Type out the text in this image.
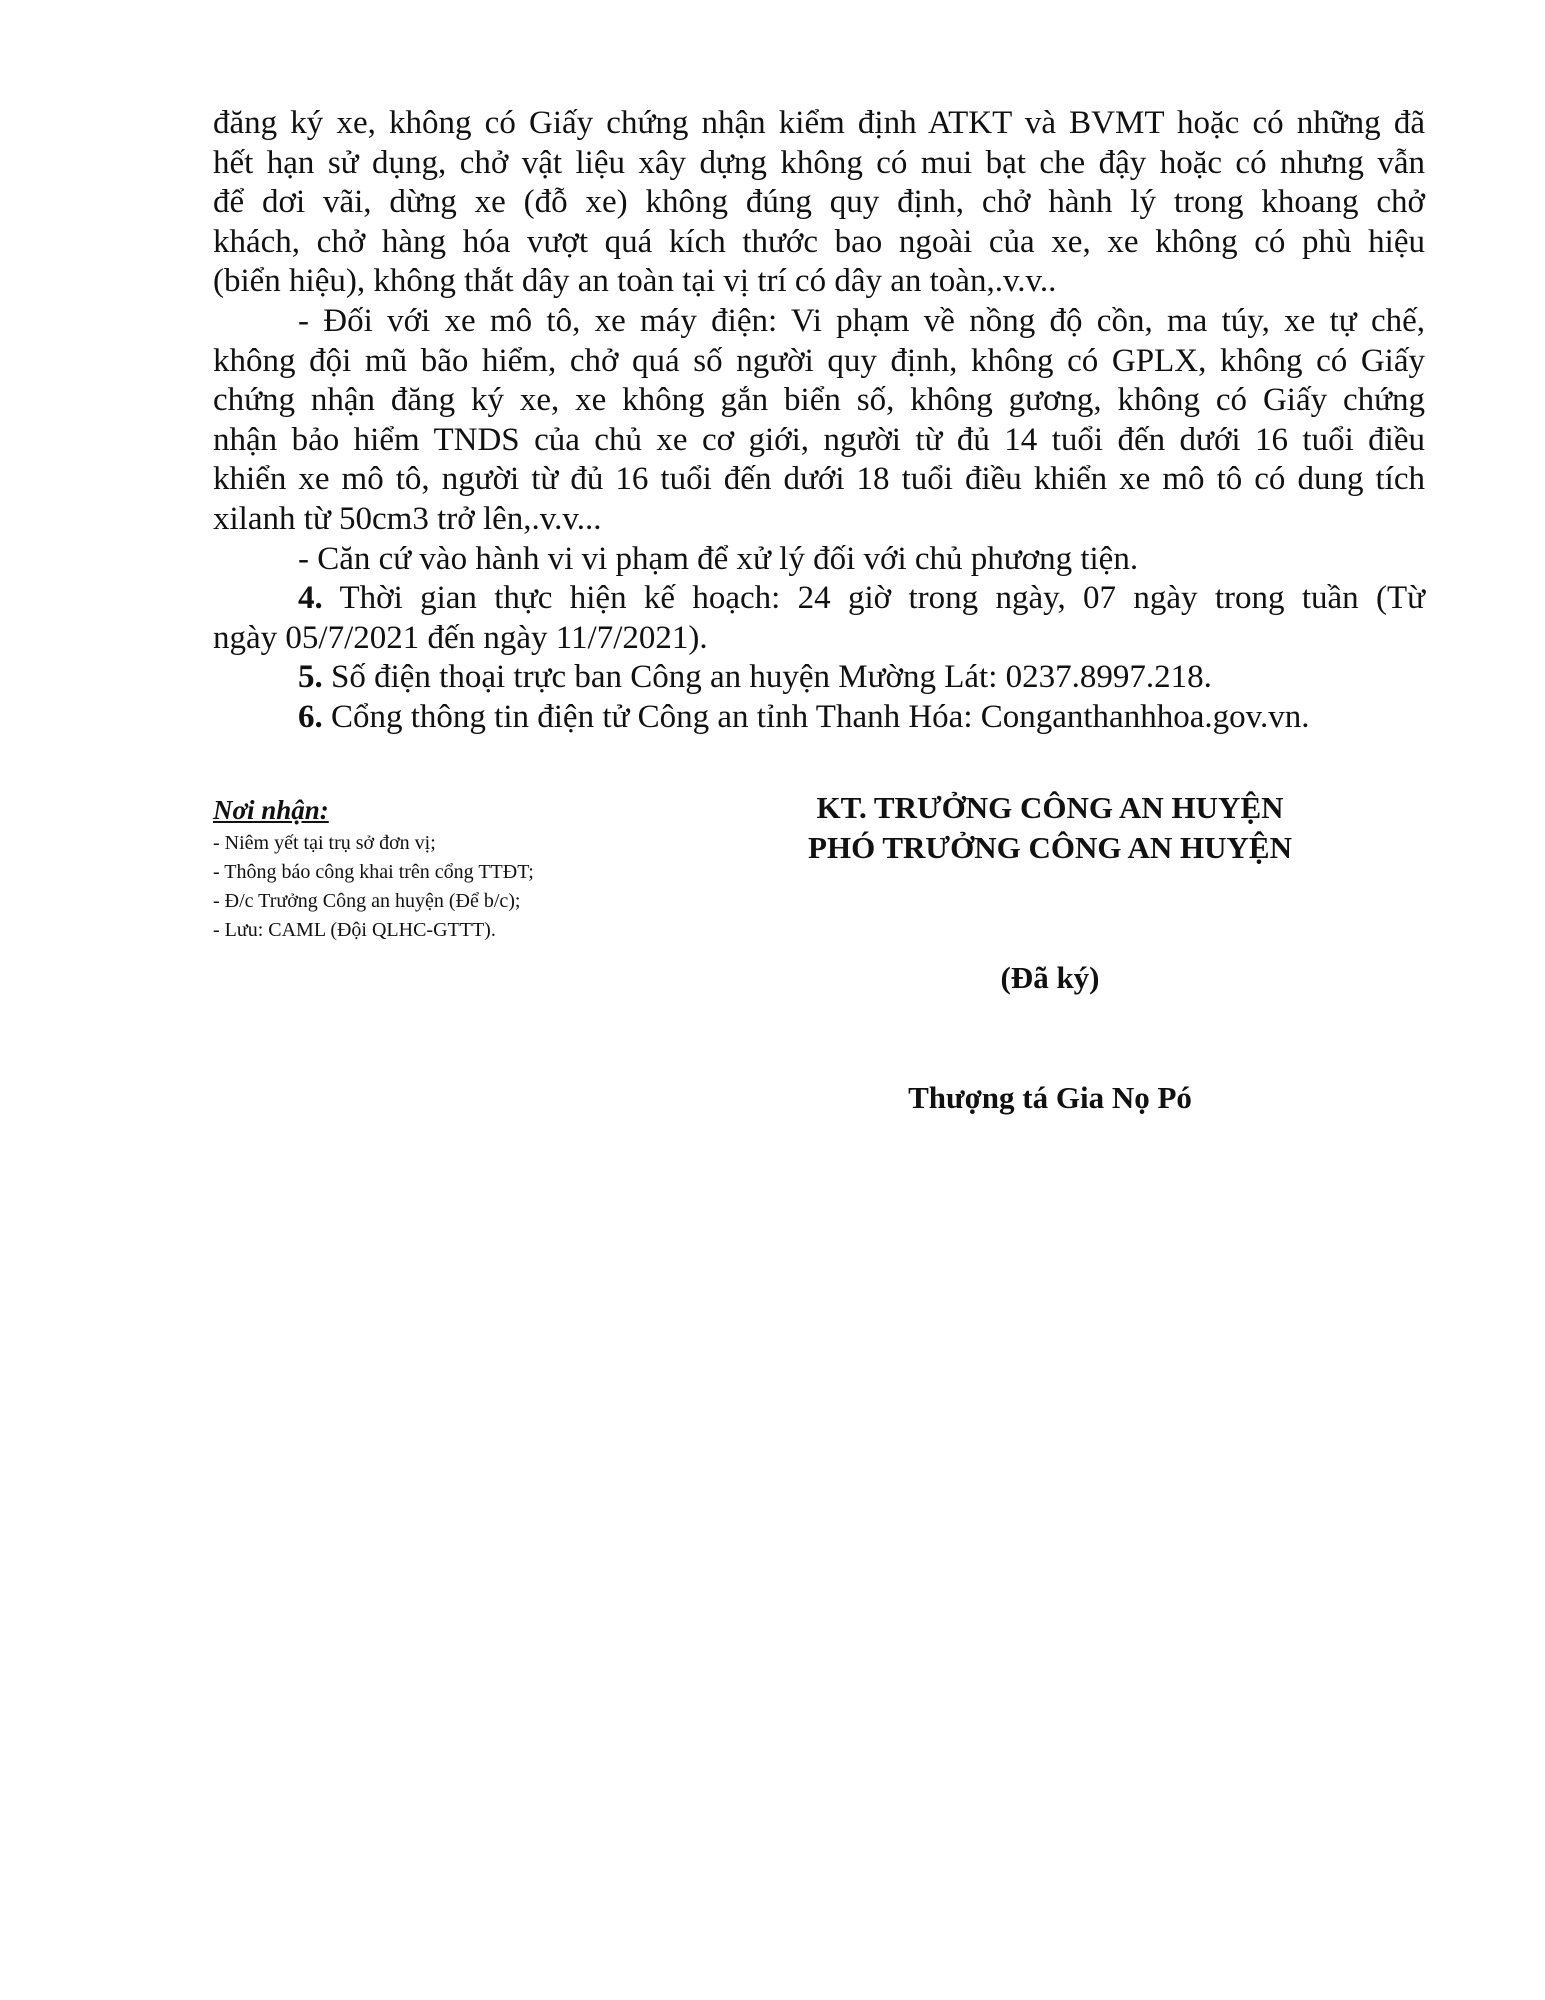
đăng ký xe, không có Giấy chứng nhận kiểm định ATKT và BVMT hoặc có những đã
hết hạn sử dụng, chở vật liệu xây dựng không có mui bạt che đậy hoặc có nhưng vẫn
để dơi vãi, dừng xe (đỗ xe) không đúng quy định, chở hành lý trong khoang chở
khách, chở hàng hóa vượt quá kích thước bao ngoài của xe, xe không có phù hiệu
(biển hiệu), không thắt dây an toàn tại vị trí có dây an toàn,.v.v..
- Đối với xe mô tô, xe máy điện: Vi phạm về nồng độ cồn, ma túy, xe tự chế,
không đội mũ bão hiểm, chở quá số người quy định, không có GPLX, không có Giấy
chứng nhận đăng ký xe, xe không gắn biển số, không gương, không có Giấy chứng
nhận bảo hiểm TNDS của chủ xe cơ giới, người từ đủ 14 tuổi đến dưới 16 tuổi điều
khiển xe mô tô, người từ đủ 16 tuổi đến dưới 18 tuổi điều khiển xe mô tô có dung tích
xilanh từ 50cm3 trở lên,.v.v...
- Căn cứ vào hành vi vi phạm để xử lý đối với chủ phương tiện.
4. Thời gian thực hiện kế hoạch: 24 giờ trong ngày, 07 ngày trong tuần (Từ
ngày 05/7/2021 đến ngày 11/7/2021).
5. Số điện thoại trực ban Công an huyện Mường Lát: 0237.8997.218.
6. Cổng thông tin điện tử Công an tỉnh Thanh Hóa: Conganthanhhoa.gov.vn.
Nơi nhận:
- Niêm yết tại trụ sở đơn vị;
- Thông báo công khai trên cổng TTĐT;
- Đ/c Trưởng Công an huyện (Để b/c);
- Lưu: CAML (Đội QLHC-GTTT).
KT. TRƯỞNG CÔNG AN HUYỆN
PHÓ TRƯỞNG CÔNG AN HUYỆN
(Đã ký)
Thượng tá Gia Nọ Pó
